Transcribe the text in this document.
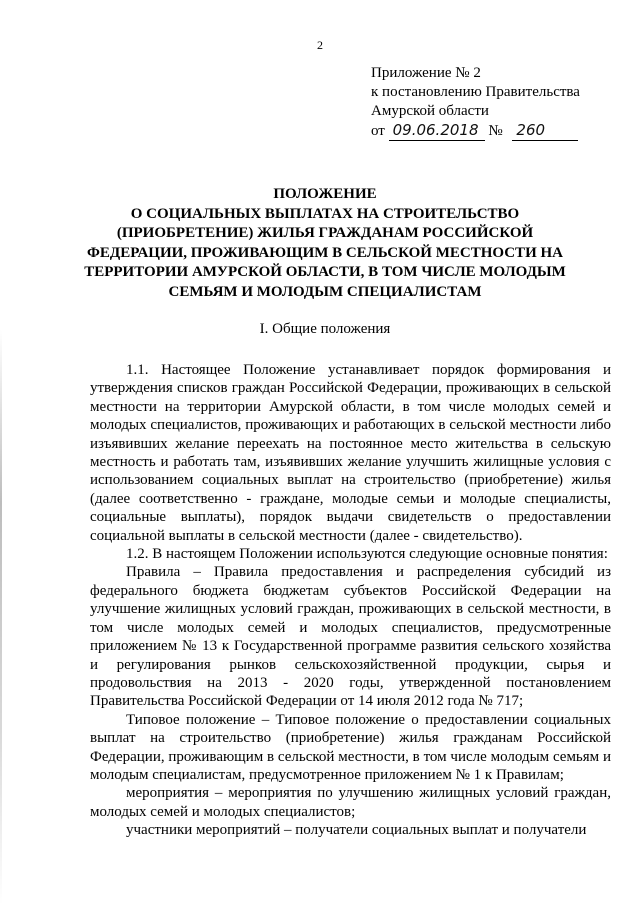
2
Приложение № 2
к постановлению Правительства
Амурской области
от 09.06.2018 № 260
ПОЛОЖЕНИЕ
О СОЦИАЛЬНЫХ ВЫПЛАТАХ НА СТРОИТЕЛЬСТВО
(ПРИОБРЕТЕНИЕ) ЖИЛЬЯ ГРАЖДАНАМ РОССИЙСКОЙ
ФЕДЕРАЦИИ, ПРОЖИВАЮЩИМ В СЕЛЬСКОЙ МЕСТНОСТИ НА
ТЕРРИТОРИИ АМУРСКОЙ ОБЛАСТИ, В ТОМ ЧИСЛЕ МОЛОДЫМ
СЕМЬЯМ И МОЛОДЫМ СПЕЦИАЛИСТАМ
I. Общие положения

1.1. Настоящее Положение устанавливает порядок формирования и утверждения списков граждан Российской Федерации, проживающих в сельской местности на территории Амурской области, в том числе молодых семей и молодых специалистов, проживающих и работающих в сельской местности либо изъявивших желание переехать на постоянное место жительства в сельскую местность и работать там, изъявивших желание улучшить жилищные условия с использованием социальных выплат на строительство (приобретение) жилья (далее соответственно - граждане, молодые семьи и молодые специалисты, социальные выплаты), порядок выдачи свидетельств о предоставлении социальной выплаты в сельской местности (далее - свидетельство).

1.2. В настоящем Положении используются следующие основные понятия:

Правила – Правила предоставления и распределения субсидий из федерального бюджета бюджетам субъектов Российской Федерации на улучшение жилищных условий граждан, проживающих в сельской местности, в том числе молодых семей и молодых специалистов, предусмотренные приложением № 13 к Государственной программе развития сельского хозяйства и регулирования рынков сельскохозяйственной продукции, сырья и продовольствия на 2013 - 2020 годы, утвержденной постановлением Правительства Российской Федерации от 14 июля 2012 года № 717;

Типовое положение – Типовое положение о предоставлении социальных выплат на строительство (приобретение) жилья гражданам Российской Федерации, проживающим в сельской местности, в том числе молодым семьям и молодым специалистам, предусмотренное приложением № 1 к Правилам;

мероприятия – мероприятия по улучшению жилищных условий граждан, молодых семей и молодых специалистов;

участники мероприятий – получатели социальных выплат и получатели
